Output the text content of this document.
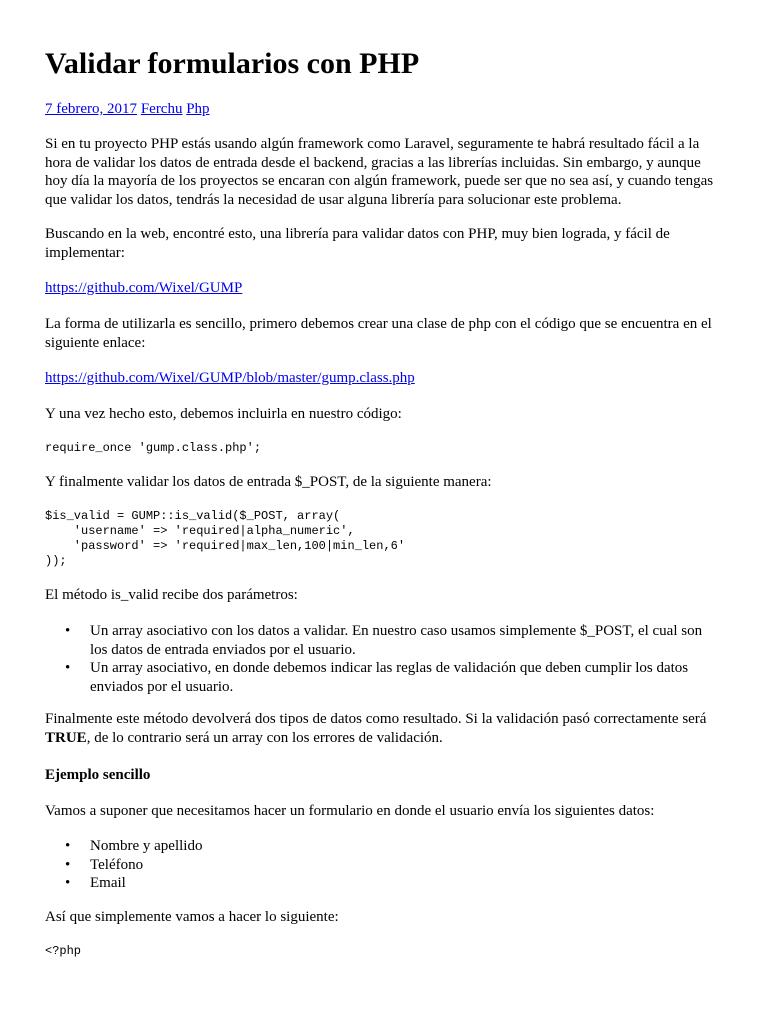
Validar formularios con PHP
7 febrero, 2017 Ferchu Php

Si en tu proyecto PHP estás usando algún framework como Laravel, seguramente te habrá resultado fácil a la
hora de validar los datos de entrada desde el backend, gracias a las librerías incluidas. Sin embargo, y aunque
hoy día la mayoría de los proyectos se encaran con algún framework, puede ser que no sea así, y cuando tengas
que validar los datos, tendrás la necesidad de usar alguna librería para solucionar este problema.

Buscando en la web, encontré esto, una librería para validar datos con PHP, muy bien lograda, y fácil de
implementar:

https://github.com/Wixel/GUMP

La forma de utilizarla es sencillo, primero debemos crear una clase de php con el código que se encuentra en el
siguiente enlace:

https://github.com/Wixel/GUMP/blob/master/gump.class.php

Y una vez hecho esto, debemos incluirla en nuestro código:

require_once 'gump.class.php';

Y finalmente validar los datos de entrada $_POST, de la siguiente manera:

$is_valid = GUMP::is_valid($_POST, array(
'username' => 'required|alpha_numeric',
'password' => 'required|max_len,100|min_len,6'
));

El método is_valid recibe dos parámetros:

• Un array asociativo con los datos a validar. En nuestro caso usamos simplemente $_POST, el cual son
los datos de entrada enviados por el usuario.
• Un array asociativo, en donde debemos indicar las reglas de validación que deben cumplir los datos
enviados por el usuario.

Finalmente este método devolverá dos tipos de datos como resultado. Si la validación pasó correctamente será
TRUE, de lo contrario será un array con los errores de validación.

Ejemplo sencillo

Vamos a suponer que necesitamos hacer un formulario en donde el usuario envía los siguientes datos:

• Nombre y apellido
• Teléfono
• Email

Así que simplemente vamos a hacer lo siguiente:

<?php
